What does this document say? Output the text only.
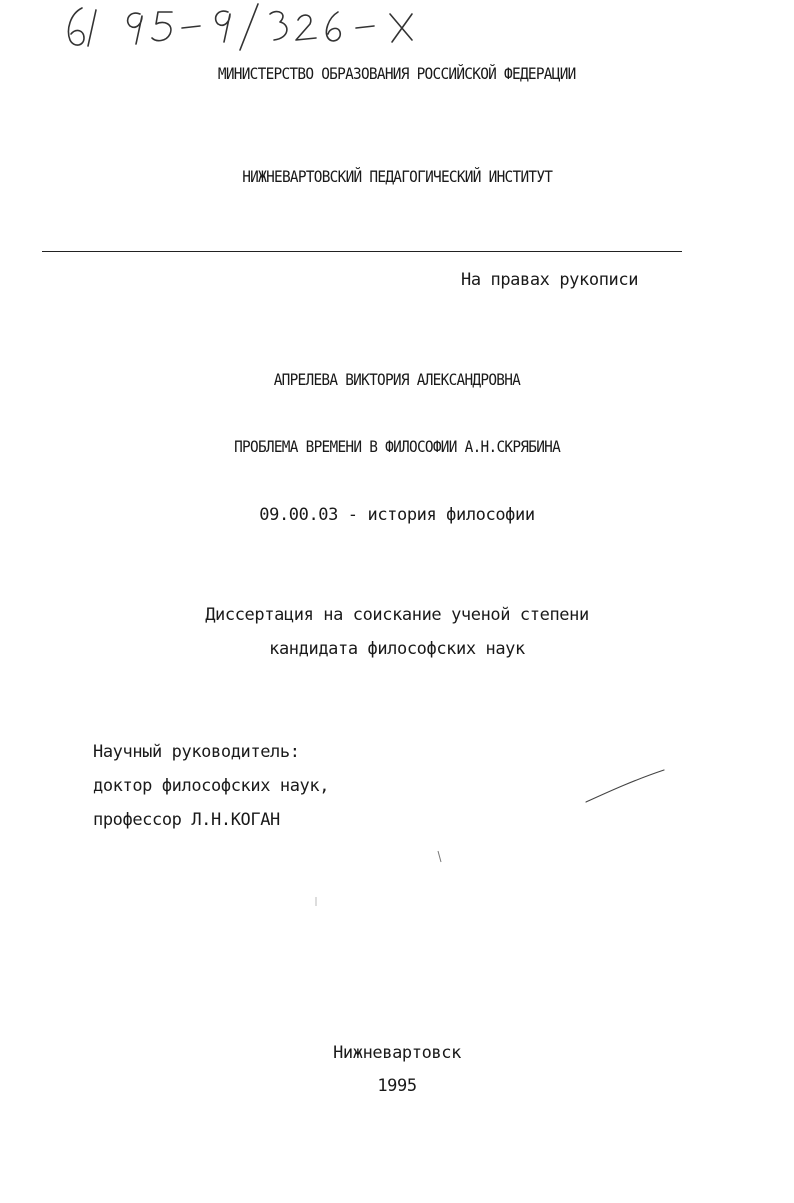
МИНИСТЕРСТВО ОБРАЗОВАНИЯ РОССИЙСКОЙ ФЕДЕРАЦИИ
НИЖНЕВАРТОВСКИЙ ПЕДАГОГИЧЕСКИЙ ИНСТИТУТ
На правах рукописи
АПРЕЛЕВА ВИКТОРИЯ АЛЕКСАНДРОВНА
ПРОБЛЕМА ВРЕМЕНИ В ФИЛОСОФИИ А.Н.СКРЯБИНА
09.00.03 - история философии
Диссертация на соискание ученой степени
кандидата философских наук
Научный руководитель:
доктор философских наук,
профессор Л.Н.КОГАН
Нижневартовск
1995
